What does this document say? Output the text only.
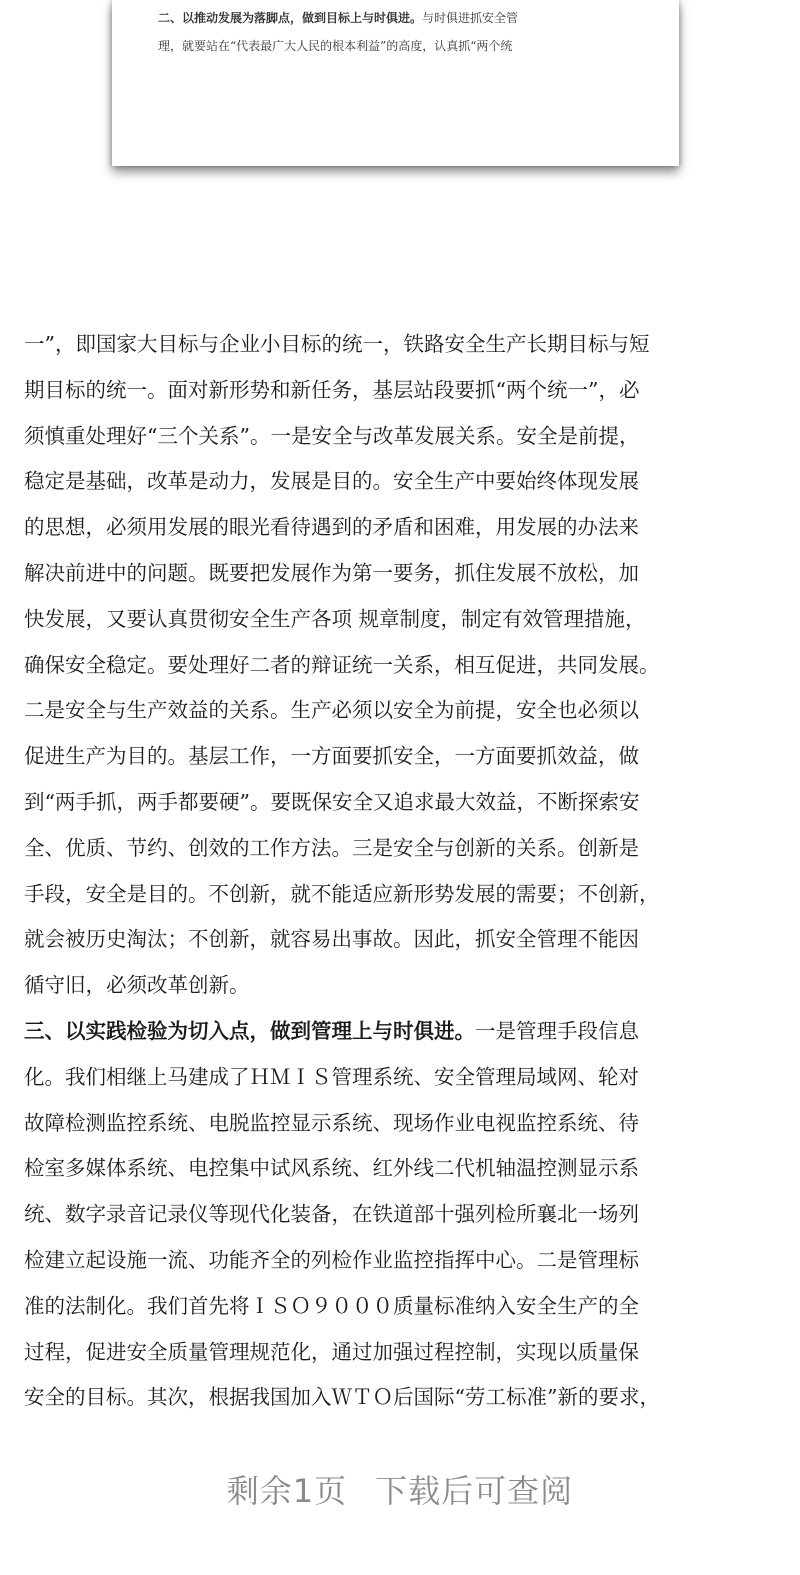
二、以推动发展为落脚点，做到目标上与时俱进。与时俱进抓安全管
理，就要站在“代表最广大人民的根本利益”的高度，认真抓“两个统
一”，即国家大目标与企业小目标的统一，铁路安全生产长期目标与短
期目标的统一。面对新形势和新任务，基层站段要抓“两个统一”，必
须慎重处理好“三个关系”。一是安全与改革发展关系。安全是前提，
稳定是基础，改革是动力，发展是目的。安全生产中要始终体现发展
的思想，必须用发展的眼光看待遇到的矛盾和困难，用发展的办法来
解决前进中的问题。既要把发展作为第一要务，抓住发展不放松，加
快发展，又要认真贯彻安全生产各项 规章制度，制定有效管理措施，
确保安全稳定。要处理好二者的辩证统一关系，相互促进，共同发展。
二是安全与生产效益的关系。生产必须以安全为前提，安全也必须以
促进生产为目的。基层工作，一方面要抓安全，一方面要抓效益，做
到“两手抓，两手都要硬”。要既保安全又追求最大效益，不断探索安
全、优质、节约、创效的工作方法。三是安全与创新的关系。创新是
手段，安全是目的。不创新，就不能适应新形势发展的需要；不创新，
就会被历史淘汰；不创新，就容易出事故。因此，抓安全管理不能因
循守旧，必须改革创新。
三、以实践检验为切入点，做到管理上与时俱进。一是管理手段信息
化。我们相继上马建成了ＨＭＩＳ管理系统、安全管理局域网、轮对
故障检测监控系统、电脱监控显示系统、现场作业电视监控系统、待
检室多媒体系统、电控集中试风系统、红外线二代机轴温控测显示系
统、数字录音记录仪等现代化装备，在铁道部十强列检所襄北一场列
检建立起设施一流、功能齐全的列检作业监控指挥中心。二是管理标
准的法制化。我们首先将ＩＳＯ９０００质量标准纳入安全生产的全
过程，促进安全质量管理规范化，通过加强过程控制，实现以质量保
安全的目标。其次，根据我国加入ＷＴＯ后国际“劳工标准”新的要求，
剩余1页 下载后可查阅
